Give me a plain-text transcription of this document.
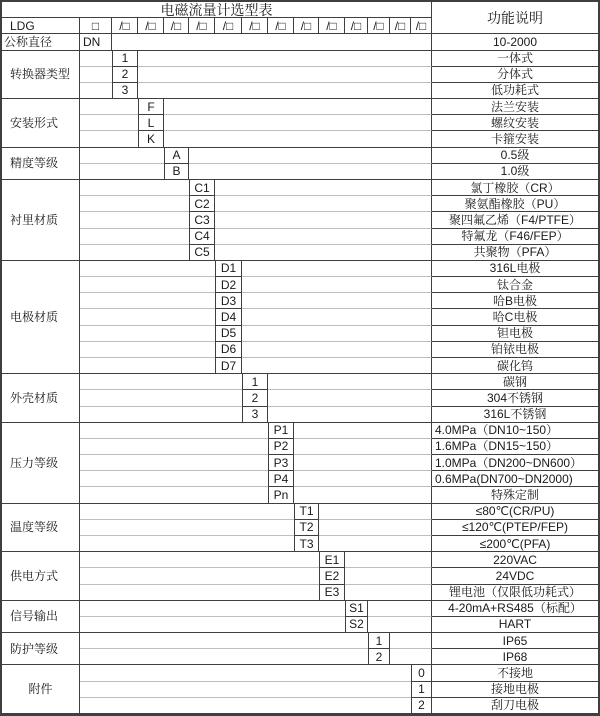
电磁流量计选型表
功能说明
LDG	□	/□	/□	/□	/□	/□	/□	/□	/□	/□	/□ /□ /□ /□
公称直径	DN	10-2000
转换器类型
1	一体式
2	分体式
3	低功耗式
安装形式
F	法兰安装
L	螺纹安装
K	卡箍安装
精度等级
A	0.5级
B	1.0级
衬里材质
C1	氯丁橡胶（CR）
C2	聚氨酯橡胶（PU）
C3	聚四氟乙烯（F4/PTFE）
C4	特氟龙（F46/FEP）
C5	共聚物（PFA）
电极材质
D1	316L电极
D2	钛合金
D3	哈B电极
D4	哈C电极
D5	钽电极
D6	铂铱电极
D7	碳化钨
外壳材质
1	碳钢
2	304不锈钢
3	316L不锈钢
压力等级
P1	4.0MPa（DN10~150）
P2	1.6MPa（DN15~150）
P3	1.0MPa（DN200~DN600）
P4	0.6MPa(DN700~DN2000)
Pn	特殊定制
温度等级
T1	≤80℃(CR/PU)
T2	≤120℃(PTEP/FEP)
T3	≤200℃(PFA)
供电方式
E1	220VAC
E2	24VDC
E3	锂电池（仅限低功耗式）
信号输出
S1	4-20mA+RS485（标配）
S2	HART
防护等级
1	IP65
2	IP68
附件
0	不接地
1	接地电极
2	刮刀电极
